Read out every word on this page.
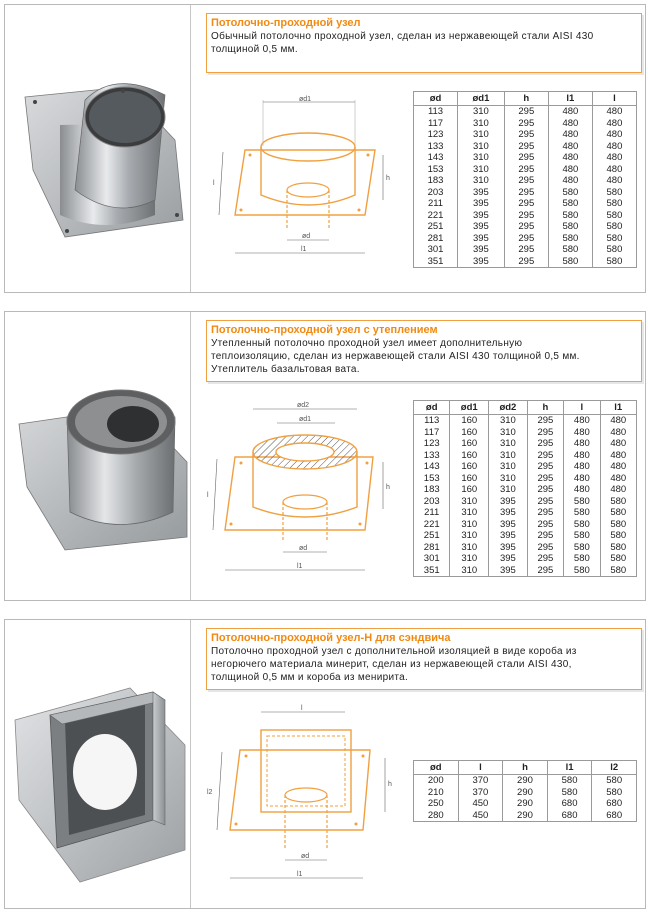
Потолочно-проходной узел
Обычный потолочно проходной узел, сделан из нержавеющей стали AISI 430
толщиной 0,5 мм.
ød1
ød
h
l
l1
ød	ød1	h	l1	l
113	310	295	480	480
117	310	295	480	480
123	310	295	480	480
133	310	295	480	480
143	310	295	480	480
153	310	295	480	480
183	310	295	480	480
203	395	295	580	580
211	395	295	580	580
221	395	295	580	580
251	395	295	580	580
281	395	295	580	580
301	395	295	580	580
351	395	295	580	580
Потолочно-проходной узел с утеплением
Утепленный потолочно проходной узел имеет дополнительную
теплоизоляцию, сделан из нержавеющей стали AISI 430 толщиной 0,5 мм.
Утеплитель базальтовая вата.
ød2
ød1
ød
h
l
l1
ød	ød1	ød2	h	l	l1
113	160	310	295	480	480
117	160	310	295	480	480
123	160	310	295	480	480
133	160	310	295	480	480
143	160	310	295	480	480
153	160	310	295	480	480
183	160	310	295	480	480
203	310	395	295	580	580
211	310	395	295	580	580
221	310	395	295	580	580
251	310	395	295	580	580
281	310	395	295	580	580
301	310	395	295	580	580
351	310	395	295	580	580
Потолочно-проходной узел-Н для сэндвича
Потолочно проходной узел с дополнительной изоляцией в виде короба из
негорючего материала минерит, сделан из нержавеющей стали AISI 430,
толщиной 0,5 мм и короба из менирита.
l
ød
h
l2
l1
ød	l	h	l1	l2
200	370	290	580	580
210	370	290	580	580
250	450	290	680	680
280	450	290	680	680
